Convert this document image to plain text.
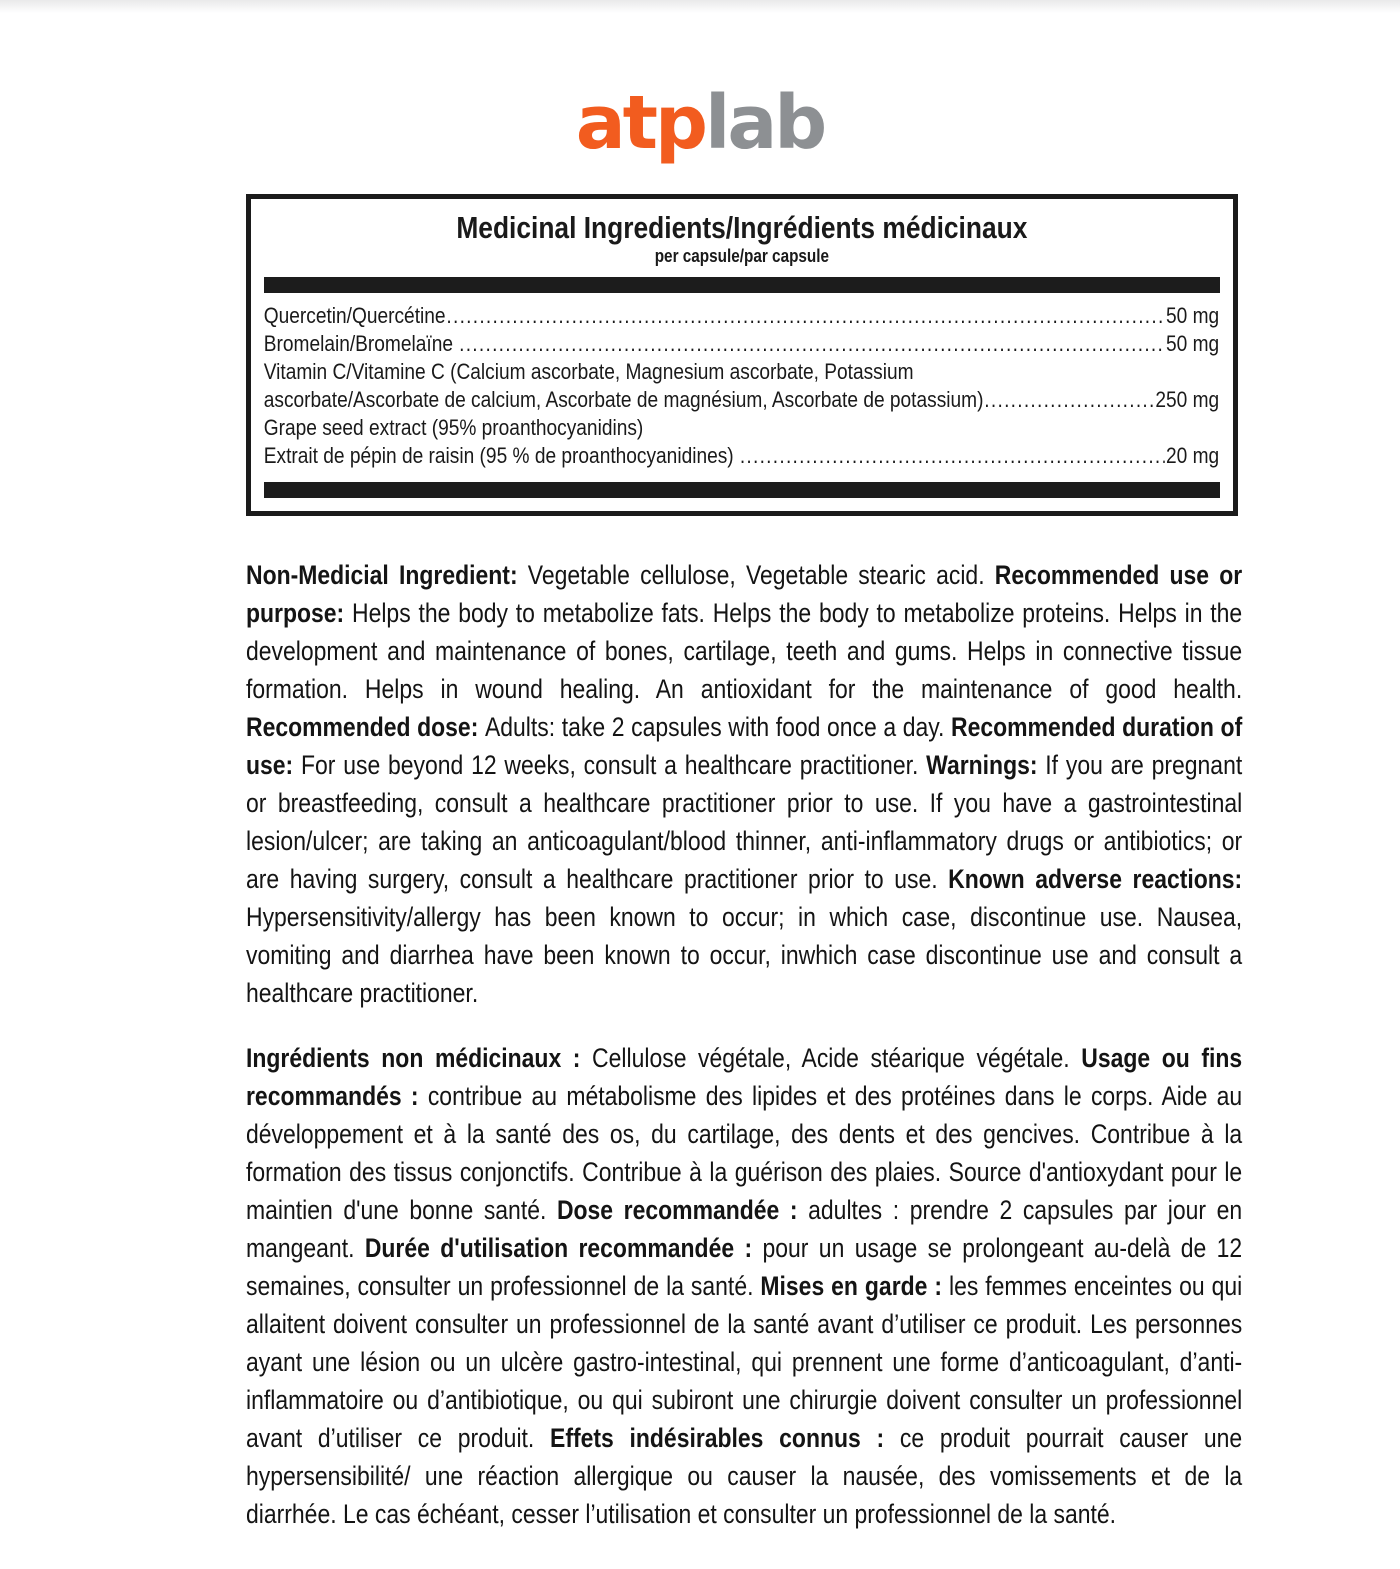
atplab
Medicinal Ingredients/Ingrédients médicinaux
per capsule/par capsule
Quercetin/Quercétine .....	50 mg
Bromelain/Bromelaïne .....	50 mg
Vitamin C/Vitamine C (Calcium ascorbate, Magnesium ascorbate, Potassium
ascorbate/Ascorbate de calcium, Ascorbate de magnésium, Ascorbate de potassium) .....	250 mg
Grape seed extract (95% proanthocyanidins)
Extrait de pépin de raisin (95 % de proanthocyanidines) .....	20 mg
Non-Medicial Ingredient: Vegetable cellulose, Vegetable stearic acid. Recommended use or purpose: Helps the body to metabolize fats. Helps the body to metabolize proteins. Helps in the development and maintenance of bones, cartilage, teeth and gums. Helps in connective tissue formation. Helps in wound healing. An antioxidant for the maintenance of good health. Recommended dose: Adults: take 2 capsules with food once a day. Recommended duration of use: For use beyond 12 weeks, consult a healthcare practitioner. Warnings: If you are pregnant or breastfeeding, consult a healthcare practitioner prior to use. If you have a gastrointestinal lesion/ulcer; are taking an anticoagulant/blood thinner, anti-inflammatory drugs or antibiotics; or are having surgery, consult a healthcare practitioner prior to use. Known adverse reactions: Hypersensitivity/allergy has been known to occur; in which case, discontinue use. Nausea, vomiting and diarrhea have been known to occur, inwhich case discontinue use and consult a healthcare practitioner.
Ingrédients non médicinaux : Cellulose végétale, Acide stéarique végétale. Usage ou fins recommandés : contribue au métabolisme des lipides et des protéines dans le corps. Aide au développement et à la santé des os, du cartilage, des dents et des gencives. Contribue à la formation des tissus conjonctifs. Contribue à la guérison des plaies. Source d'antioxydant pour le maintien d'une bonne santé. Dose recommandée : adultes : prendre 2 capsules par jour en mangeant. Durée d'utilisation recommandée : pour un usage se prolongeant au-delà de 12 semaines, consulter un professionnel de la santé. Mises en garde : les femmes enceintes ou qui allaitent doivent consulter un professionnel de la santé avant d’utiliser ce produit. Les personnes ayant une lésion ou un ulcère gastro-intestinal, qui prennent une forme d’anticoagulant, d’anti-inflammatoire ou d’antibiotique, ou qui subiront une chirurgie doivent consulter un professionnel avant d’utiliser ce produit. Effets indésirables connus : ce produit pourrait causer une hypersensibilité/ une réaction allergique ou causer la nausée, des vomissements et de la diarrhée. Le cas échéant, cesser l’utilisation et consulter un professionnel de la santé.
